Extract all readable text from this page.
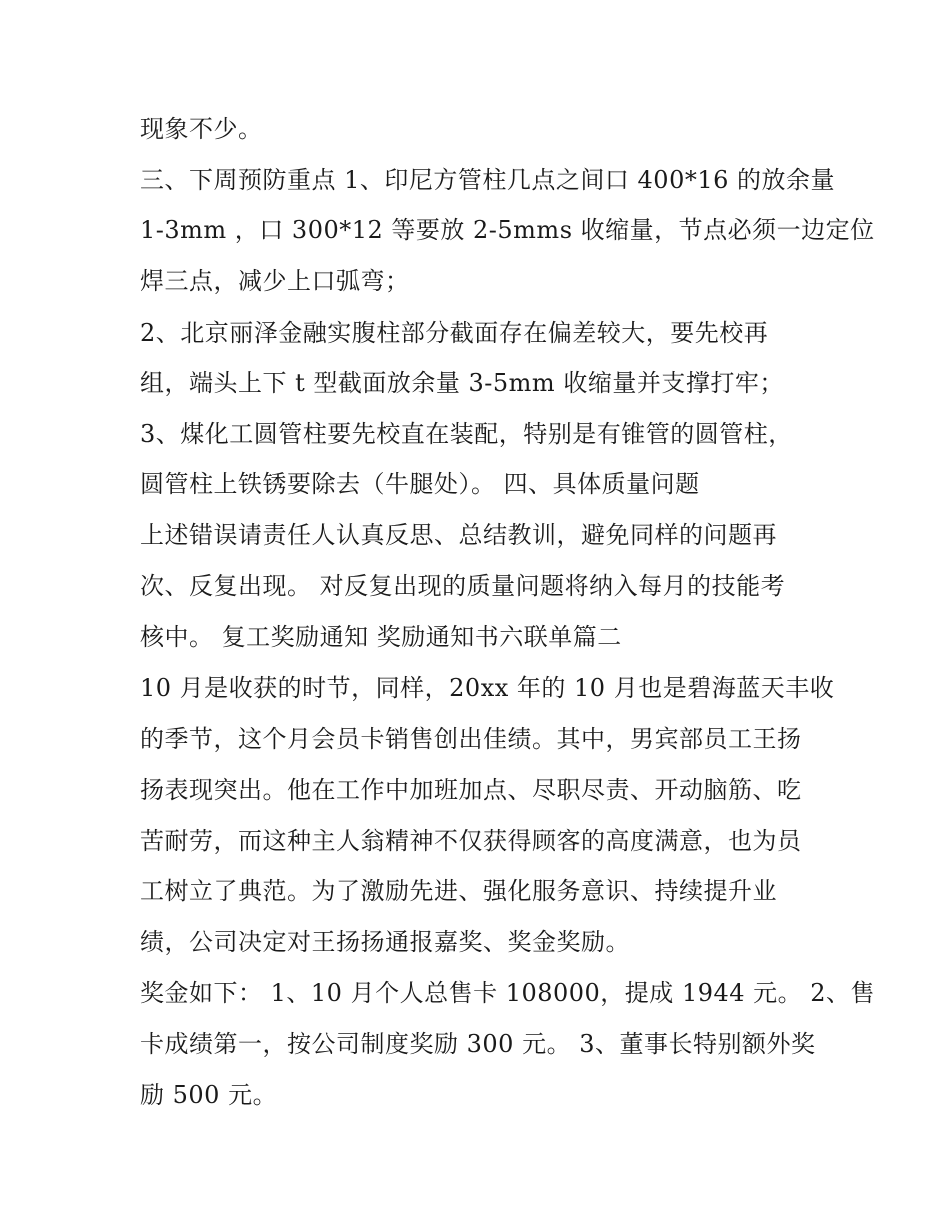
现象不少。

三、下周预防重点 1、印尼方管柱几点之间口 400*16 的放余量

1-3mm ，口 300*12 等要放 2-5mms 收缩量，节点必须一边定位

焊三点，减少上口弧弯；

2、北京丽泽金融实腹柱部分截面存在偏差较大，要先校再

组，端头上下 t 型截面放余量 3-5mm 收缩量并支撑打牢；

3、煤化工圆管柱要先校直在装配，特别是有锥管的圆管柱，

圆管柱上铁锈要除去（牛腿处）。 四、具体质量问题

上述错误请责任人认真反思、总结教训，避免同样的问题再

次、反复出现。 对反复出现的质量问题将纳入每月的技能考

核中。 复工奖励通知 奖励通知书六联单篇二

10 月是收获的时节，同样，20xx 年的 10 月也是碧海蓝天丰收

的季节，这个月会员卡销售创出佳绩。其中，男宾部员工王扬

扬表现突出。他在工作中加班加点、尽职尽责、开动脑筋、吃

苦耐劳，而这种主人翁精神不仅获得顾客的高度满意，也为员

工树立了典范。为了激励先进、强化服务意识、持续提升业

绩，公司决定对王扬扬通报嘉奖、奖金奖励。

奖金如下： 1、10 月个人总售卡 108000，提成 1944 元。 2、售

卡成绩第一，按公司制度奖励 300 元。 3、董事长特别额外奖

励 500 元。
